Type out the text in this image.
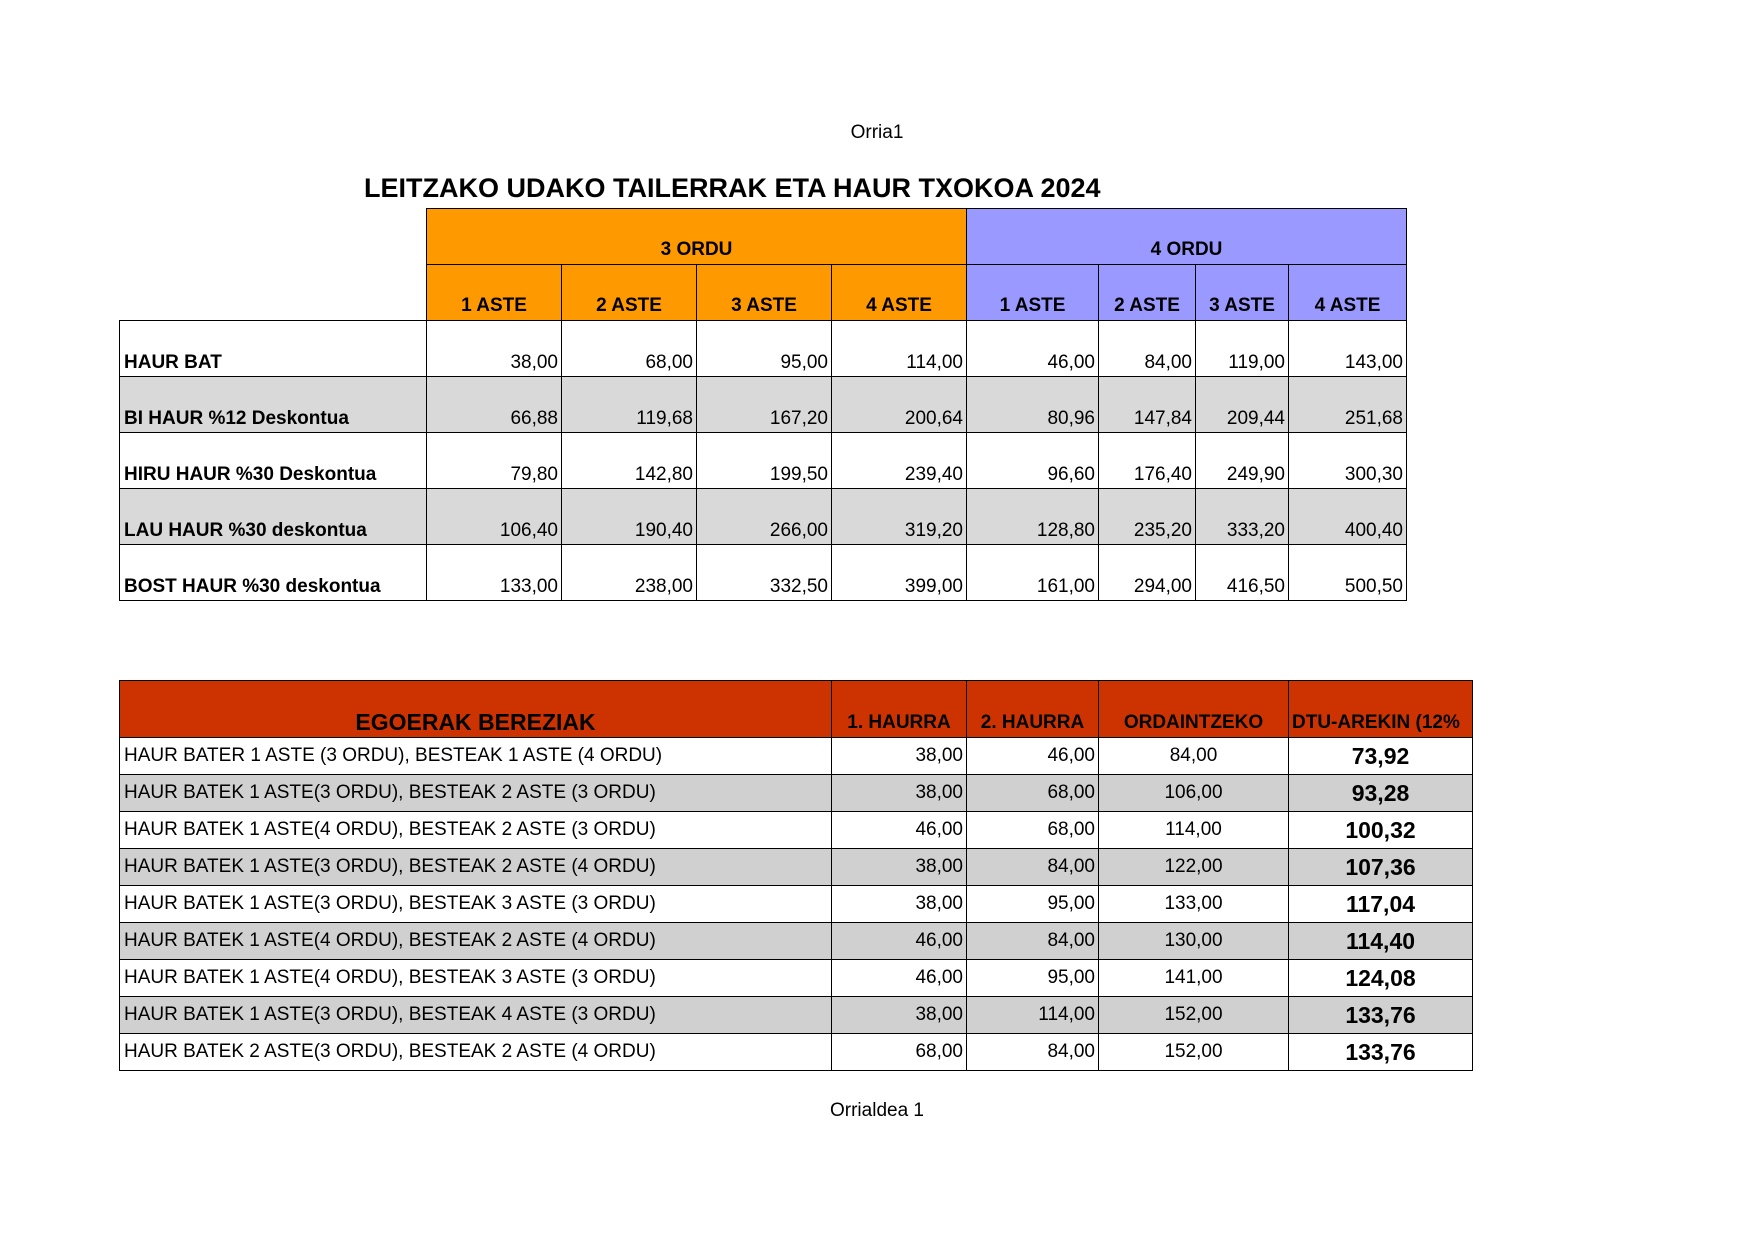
Orria1
LEITZAKO UDAKO TAILERRAK ETA HAUR TXOKOA 2024
	3 ORDU				4 ORDU			
	1 ASTE	2 ASTE	3 ASTE	4 ASTE	1 ASTE	2 ASTE	3 ASTE	4 ASTE
HAUR BAT	38,00	68,00	95,00	114,00	46,00	84,00	119,00	143,00
BI HAUR %12 Deskontua	66,88	119,68	167,20	200,64	80,96	147,84	209,44	251,68
HIRU HAUR %30 Deskontua	79,80	142,80	199,50	239,40	96,60	176,40	249,90	300,30
LAU HAUR %30 deskontua	106,40	190,40	266,00	319,20	128,80	235,20	333,20	400,40
BOST HAUR %30 deskontua	133,00	238,00	332,50	399,00	161,00	294,00	416,50	500,50
EGOERAK BEREZIAK	1. HAURRA	2. HAURRA	ORDAINTZEKO	DTU-AREKIN (12%
HAUR BATER 1 ASTE (3 ORDU), BESTEAK 1 ASTE (4 ORDU)	38,00	46,00	84,00	73,92
HAUR BATEK 1 ASTE(3 ORDU), BESTEAK 2 ASTE (3 ORDU)	38,00	68,00	106,00	93,28
HAUR BATEK 1 ASTE(4 ORDU), BESTEAK 2 ASTE (3 ORDU)	46,00	68,00	114,00	100,32
HAUR BATEK 1 ASTE(3 ORDU), BESTEAK 2 ASTE (4 ORDU)	38,00	84,00	122,00	107,36
HAUR BATEK 1 ASTE(3 ORDU), BESTEAK 3 ASTE (3 ORDU)	38,00	95,00	133,00	117,04
HAUR BATEK 1 ASTE(4 ORDU), BESTEAK 2 ASTE (4 ORDU)	46,00	84,00	130,00	114,40
HAUR BATEK 1 ASTE(4 ORDU), BESTEAK 3 ASTE (3 ORDU)	46,00	95,00	141,00	124,08
HAUR BATEK 1 ASTE(3 ORDU), BESTEAK 4 ASTE (3 ORDU)	38,00	114,00	152,00	133,76
HAUR BATEK 2 ASTE(3 ORDU), BESTEAK 2 ASTE (4 ORDU)	68,00	84,00	152,00	133,76
Orrialdea 1
